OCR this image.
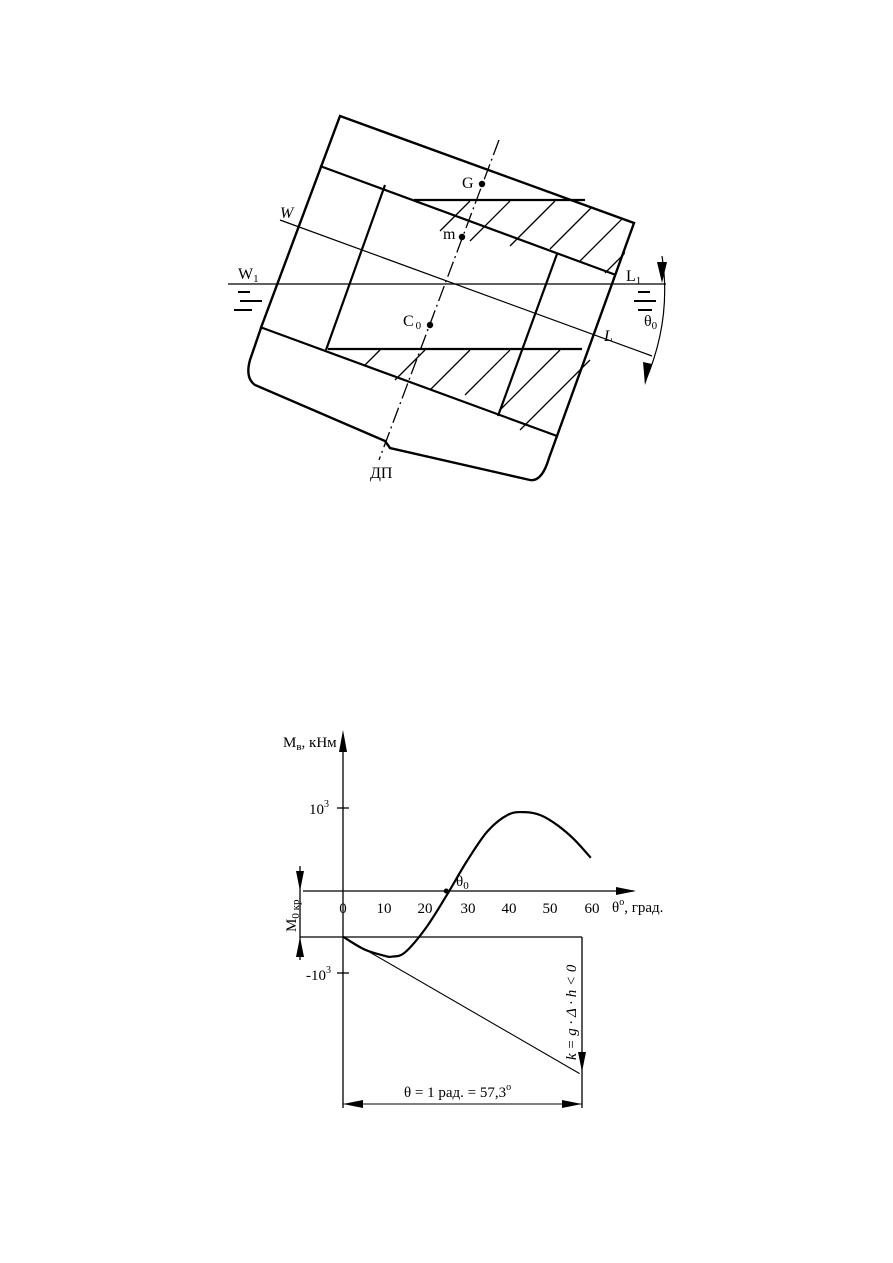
G
m
C 0
W
W1
L
L1
θ0
ДП
0 10 20 30 40 50 60
$M_в$, кНм
$10^3$
$-10^3$
$\theta^o$, град.
$\theta_0$
$M_{0 кр}$
k = g · Δ · h < 0
θ = 1 рад. = $57,3^o$
